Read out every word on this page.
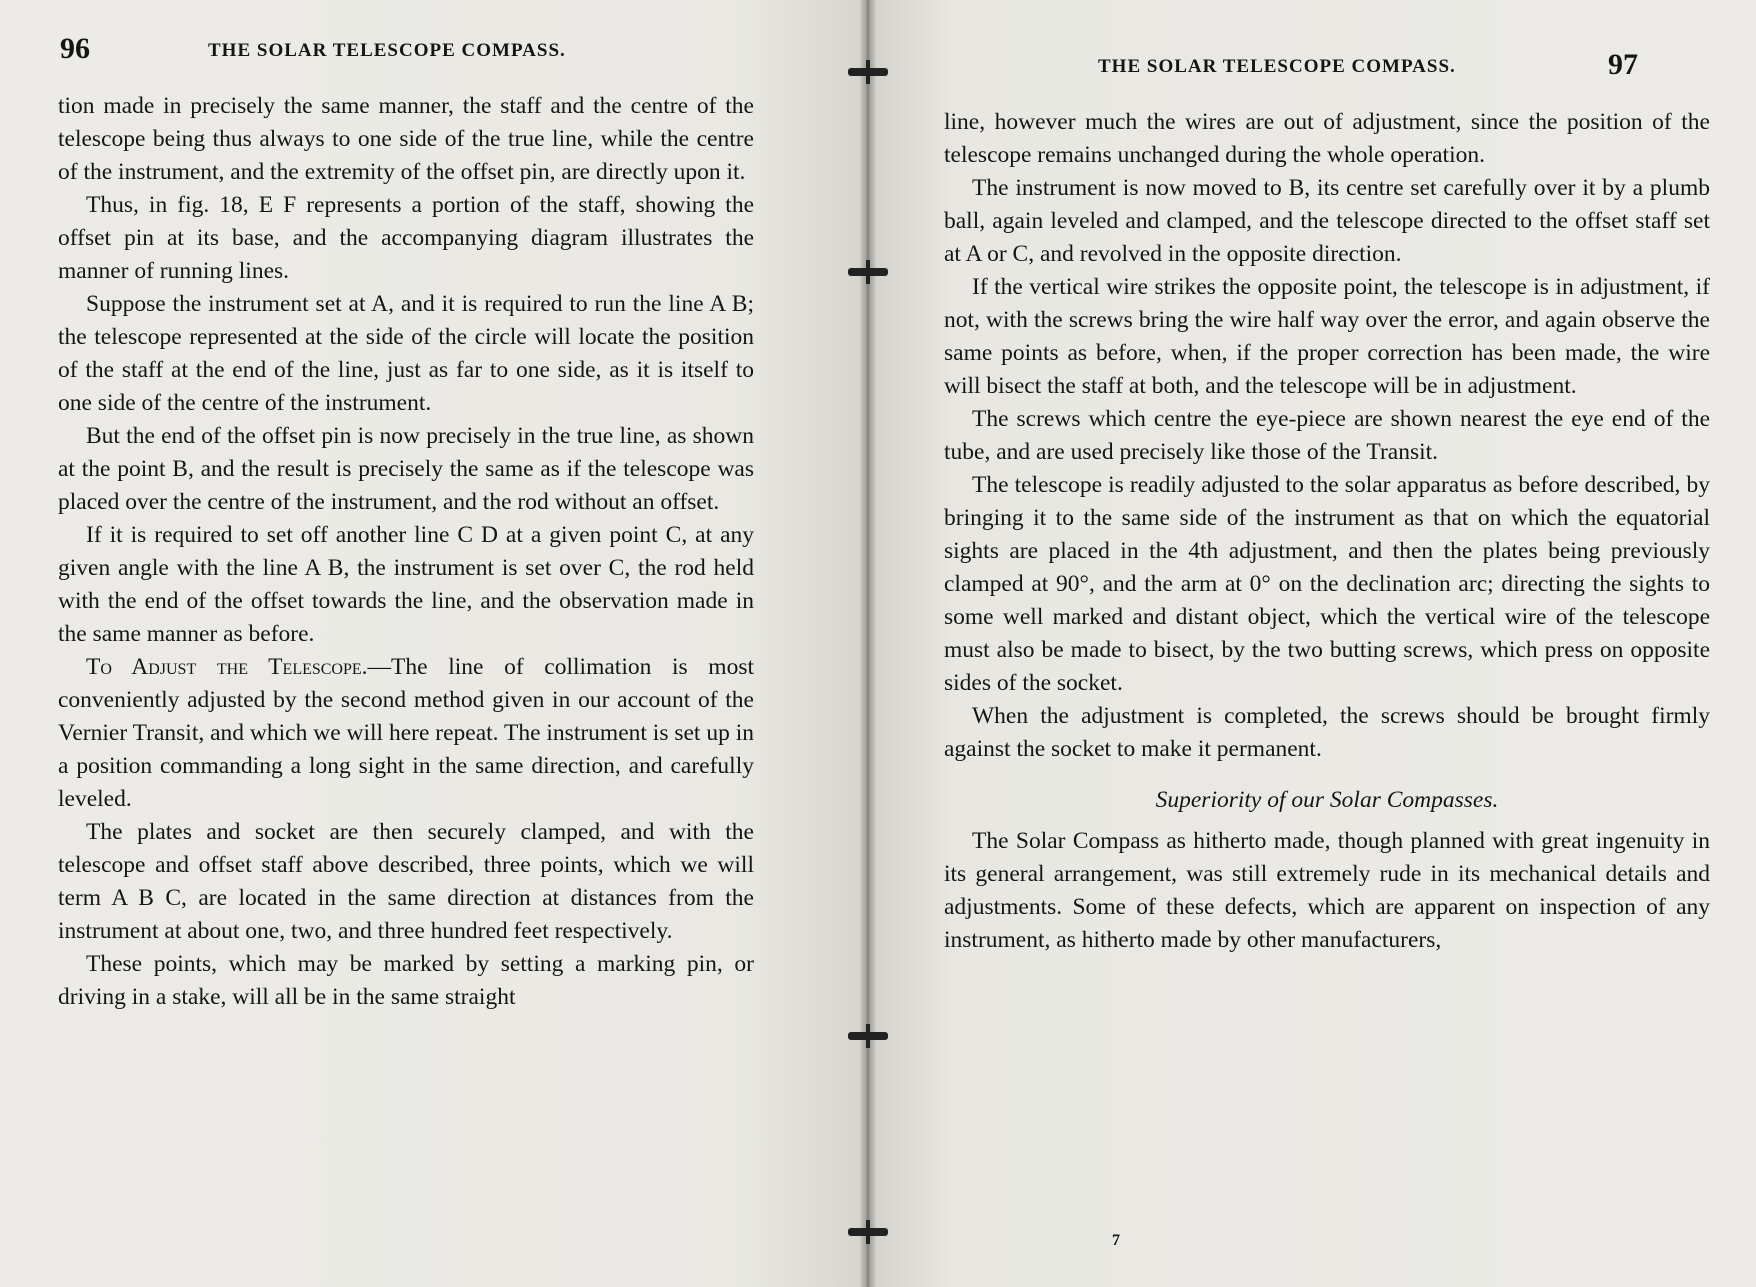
96	THE SOLAR TELESCOPE COMPASS.

tion made in precisely the same manner, the staff and the centre of the telescope being thus always to one side of the true line, while the centre of the instrument, and the extremity of the offset pin, are directly upon it.

Thus, in fig. 18, E F represents a portion of the staff, showing the offset pin at its base, and the accompanying diagram illustrates the manner of running lines.

Suppose the instrument set at A, and it is required to run the line A B; the telescope represented at the side of the circle will locate the position of the staff at the end of the line, just as far to one side, as it is itself to one side of the centre of the instrument.

But the end of the offset pin is now precisely in the true line, as shown at the point B, and the result is precisely the same as if the telescope was placed over the centre of the instrument, and the rod without an offset.

If it is required to set off another line C D at a given point C, at any given angle with the line A B, the instrument is set over C, the rod held with the end of the offset towards the line, and the observation made in the same manner as before.

To Adjust the Telescope.—The line of collimation is most conveniently adjusted by the second method given in our account of the Vernier Transit, and which we will here repeat. The instrument is set up in a position commanding a long sight in the same direction, and carefully leveled.

The plates and socket are then securely clamped, and with the telescope and offset staff above described, three points, which we will term A B C, are located in the same direction at distances from the instrument at about one, two, and three hundred feet respectively.

These points, which may be marked by setting a marking pin, or driving in a stake, will all be in the same straight

THE SOLAR TELESCOPE COMPASS.	97

line, however much the wires are out of adjustment, since the position of the telescope remains unchanged during the whole operation.

The instrument is now moved to B, its centre set carefully over it by a plumb ball, again leveled and clamped, and the telescope directed to the offset staff set at A or C, and revolved in the opposite direction.

If the vertical wire strikes the opposite point, the telescope is in adjustment, if not, with the screws bring the wire half way over the error, and again observe the same points as before, when, if the proper correction has been made, the wire will bisect the staff at both, and the telescope will be in adjustment.

The screws which centre the eye-piece are shown nearest the eye end of the tube, and are used precisely like those of the Transit.

The telescope is readily adjusted to the solar apparatus as before described, by bringing it to the same side of the instrument as that on which the equatorial sights are placed in the 4th adjustment, and then the plates being previously clamped at 90°, and the arm at 0° on the declination arc; directing the sights to some well marked and distant object, which the vertical wire of the telescope must also be made to bisect, by the two butting screws, which press on opposite sides of the socket.

When the adjustment is completed, the screws should be brought firmly against the socket to make it permanent.

Superiority of our Solar Compasses.

The Solar Compass as hitherto made, though planned with great ingenuity in its general arrangement, was still extremely rude in its mechanical details and adjustments. Some of these defects, which are apparent on inspection of any instrument, as hitherto made by other manufacturers,

7
